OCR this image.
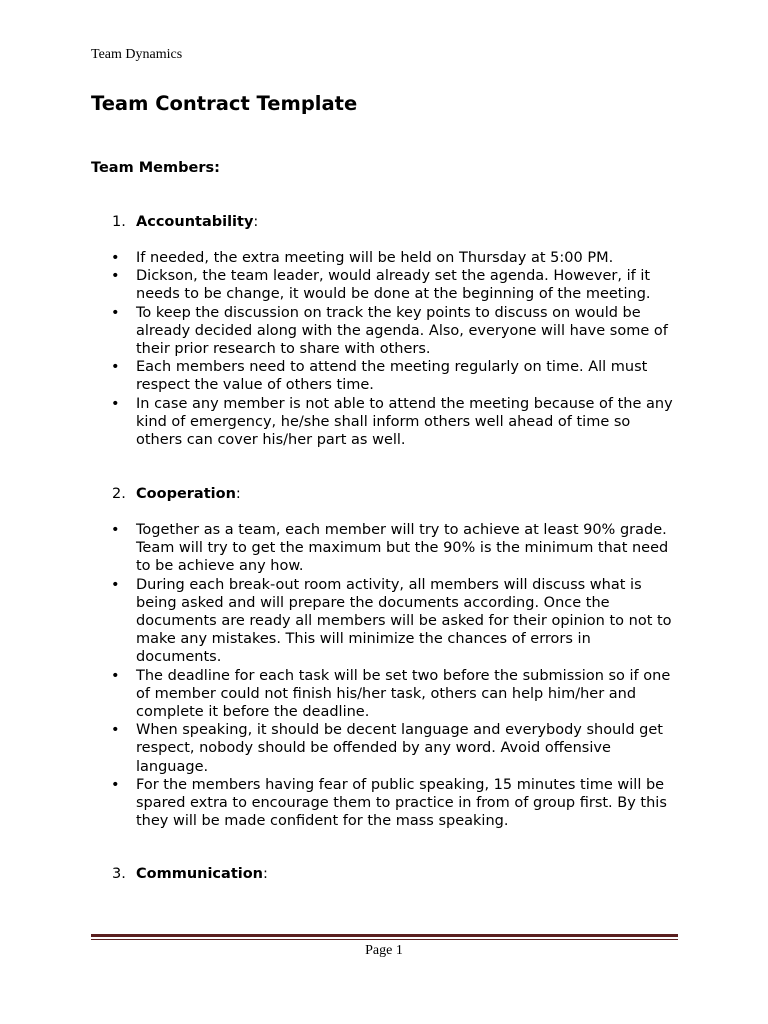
Team Dynamics
Team Contract Template
Team Members:
1. Accountability:
• If needed, the extra meeting will be held on Thursday at 5:00 PM.
• Dickson, the team leader, would already set the agenda. However, if it needs to be change, it would be done at the beginning of the meeting.
• To keep the discussion on track the key points to discuss on would be already decided along with the agenda. Also, everyone will have some of their prior research to share with others.
• Each members need to attend the meeting regularly on time. All must respect the value of others time.
• In case any member is not able to attend the meeting because of the any kind of emergency, he/she shall inform others well ahead of time so others can cover his/her part as well.
2. Cooperation:
• Together as a team, each member will try to achieve at least 90% grade. Team will try to get the maximum but the 90% is the minimum that need to be achieve any how.
• During each break-out room activity, all members will discuss what is being asked and will prepare the documents according. Once the documents are ready all members will be asked for their opinion to not to make any mistakes. This will minimize the chances of errors in documents.
• The deadline for each task will be set two before the submission so if one of member could not finish his/her task, others can help him/her and complete it before the deadline.
• When speaking, it should be decent language and everybody should get respect, nobody should be offended by any word. Avoid offensive language.
• For the members having fear of public speaking, 15 minutes time will be spared extra to encourage them to practice in from of group first. By this they will be made confident for the mass speaking.
3. Communication:
Page 1
